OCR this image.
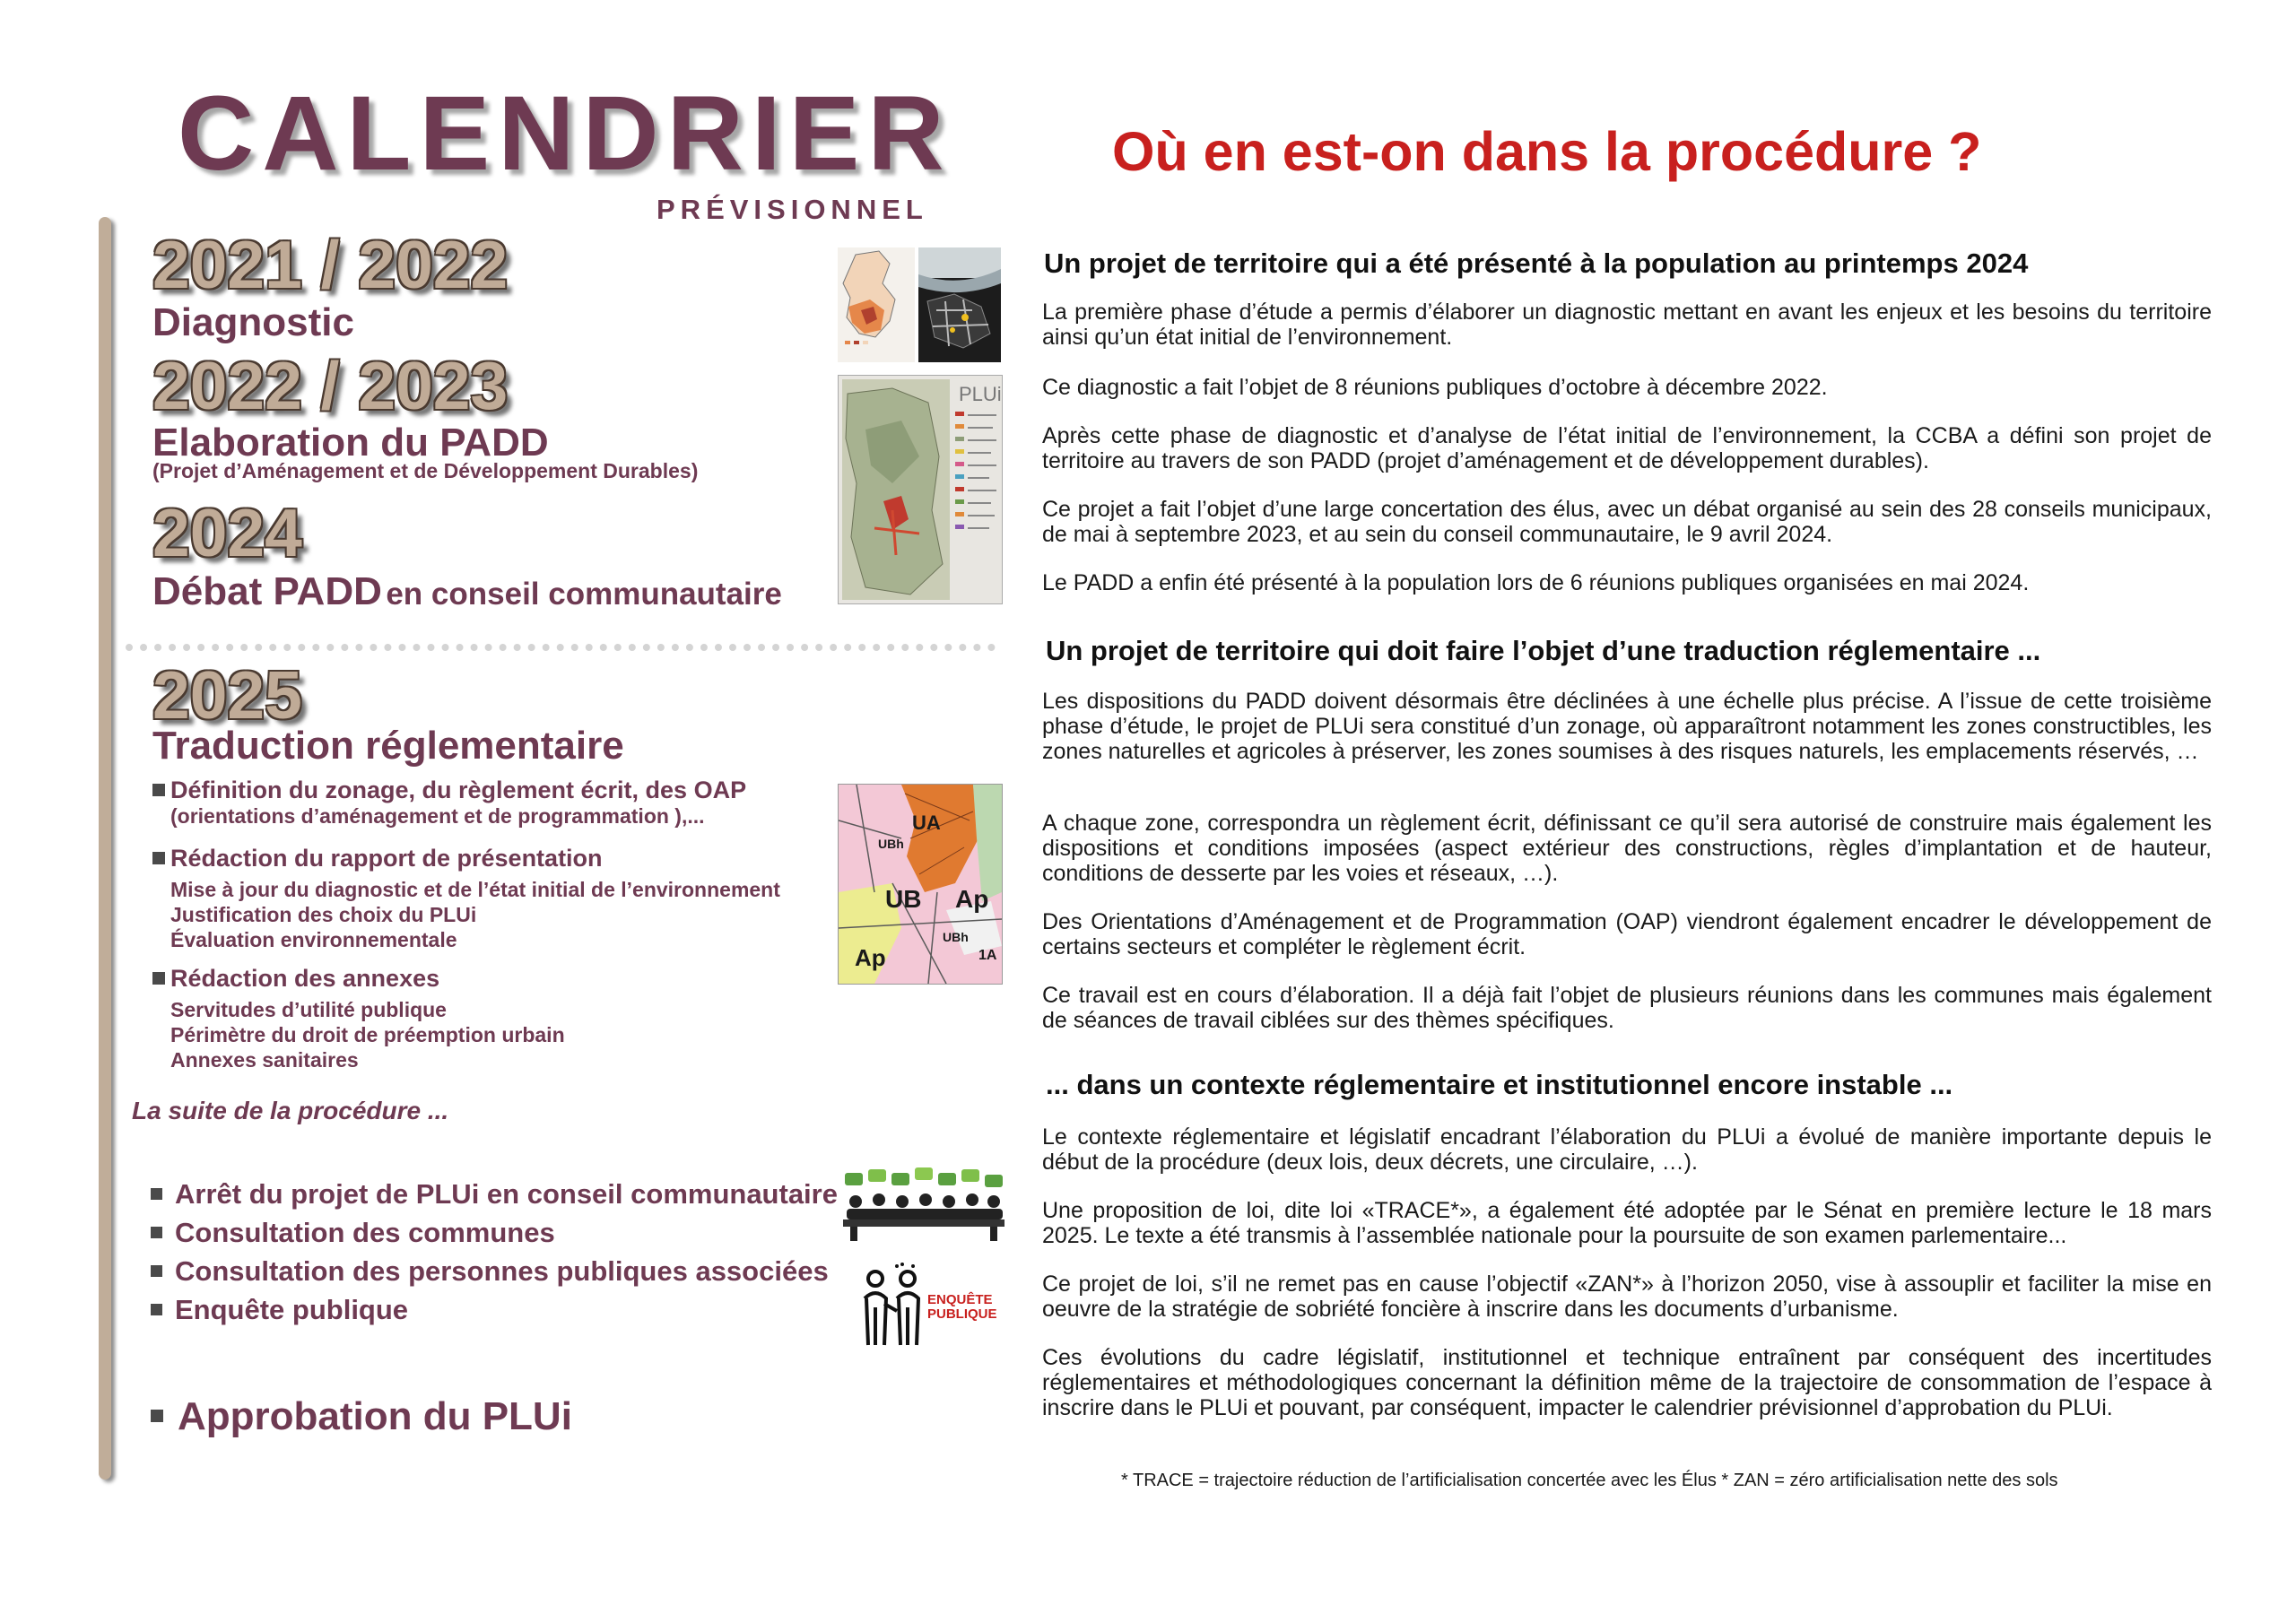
CALENDRIER
PRÉVISIONNEL
2021 / 2022
Diagnostic
2022 / 2023
Elaboration du PADD
(Projet d’Aménagement et de Développement Durables)
2024
Débat PADD en conseil communautaire
2025
Traduction réglementaire
Définition du zonage, du règlement écrit, des OAP
(orientations d’aménagement et de programmation ),...
Rédaction du rapport de présentation
Mise à jour du diagnostic et de l’état initial de l’environnement
Justification des choix du PLUi
Évaluation environnementale
Rédaction des annexes
Servitudes d’utilité publique
Périmètre du droit de préemption urbain
Annexes sanitaires
La suite de la procédure ...
Arrêt du projet de PLUi en conseil communautaire
Consultation des communes
Consultation des personnes publiques associées
Enquête publique
Approbation du PLUi
PLUi
UA
UBh
UB Ap
UBh
Ap	1A
ENQUÊTE
PUBLIQUE
Où en est-on dans la procédure ?
Un projet de territoire qui a été présenté à la population au printemps 2024

La première phase d’étude a permis d’élaborer un diagnostic mettant en avant les enjeux et les besoins du territoire ainsi qu’un état initial de l’environnement.

Ce diagnostic a fait l’objet de 8 réunions publiques d’octobre à décembre 2022.

Après cette phase de diagnostic et d’analyse de l’état initial de l’environnement, la CCBA a défini son projet de territoire au travers de son PADD (projet d’aménagement et de développement durables).

Ce projet a fait l’objet d’une large concertation des élus, avec un débat organisé au sein des 28 conseils municipaux, de mai à septembre 2023, et au sein du conseil communautaire, le 9 avril 2024.

Le PADD a enfin été présenté à la population lors de 6 réunions publiques organisées en mai 2024.

Un projet de territoire qui doit faire l’objet d’une traduction réglementaire ...

Les dispositions du PADD doivent désormais être déclinées à une échelle plus précise. A l’issue de cette troisième phase d’étude, le projet de PLUi sera constitué d’un zonage, où apparaîtront notamment les zones constructibles, les zones naturelles et agricoles à préserver, les zones soumises à des risques naturels, les emplacements réservés, …

A chaque zone, correspondra un règlement écrit, définissant ce qu’il sera autorisé de construire mais également les dispositions et conditions imposées (aspect extérieur des constructions, règles d’implantation et de hauteur, conditions de desserte par les voies et réseaux, …).

Des Orientations d’Aménagement et de Programmation (OAP) viendront également encadrer le développement de certains secteurs et compléter le règlement écrit.

Ce travail est en cours d’élaboration. Il a déjà fait l’objet de plusieurs réunions dans les communes mais également de séances de travail ciblées sur des thèmes spécifiques.

... dans un contexte réglementaire et institutionnel encore instable ...

Le contexte réglementaire et législatif encadrant l’élaboration du PLUi a évolué de manière importante depuis le début de la procédure (deux lois, deux décrets, une circulaire, …).

Une proposition de loi, dite loi «TRACE*», a également été adoptée par le Sénat en première lecture le 18 mars 2025. Le texte a été transmis à l’assemblée nationale pour la poursuite de son examen parlementaire...

Ce projet de loi, s’il ne remet pas en cause l’objectif «ZAN*» à l’horizon 2050, vise à assouplir et faciliter la mise en oeuvre de la stratégie de sobriété foncière à inscrire dans les documents d’urbanisme.

Ces évolutions du cadre législatif, institutionnel et technique entraînent par conséquent des incertitudes réglementaires et méthodologiques concernant la définition même de la trajectoire de consommation de l’espace à inscrire dans le PLUi et pouvant, par conséquent, impacter le calendrier prévisionnel d’approbation du PLUi.

* TRACE = trajectoire réduction de l’artificialisation concertée avec les Élus * ZAN = zéro artificialisation nette des sols
